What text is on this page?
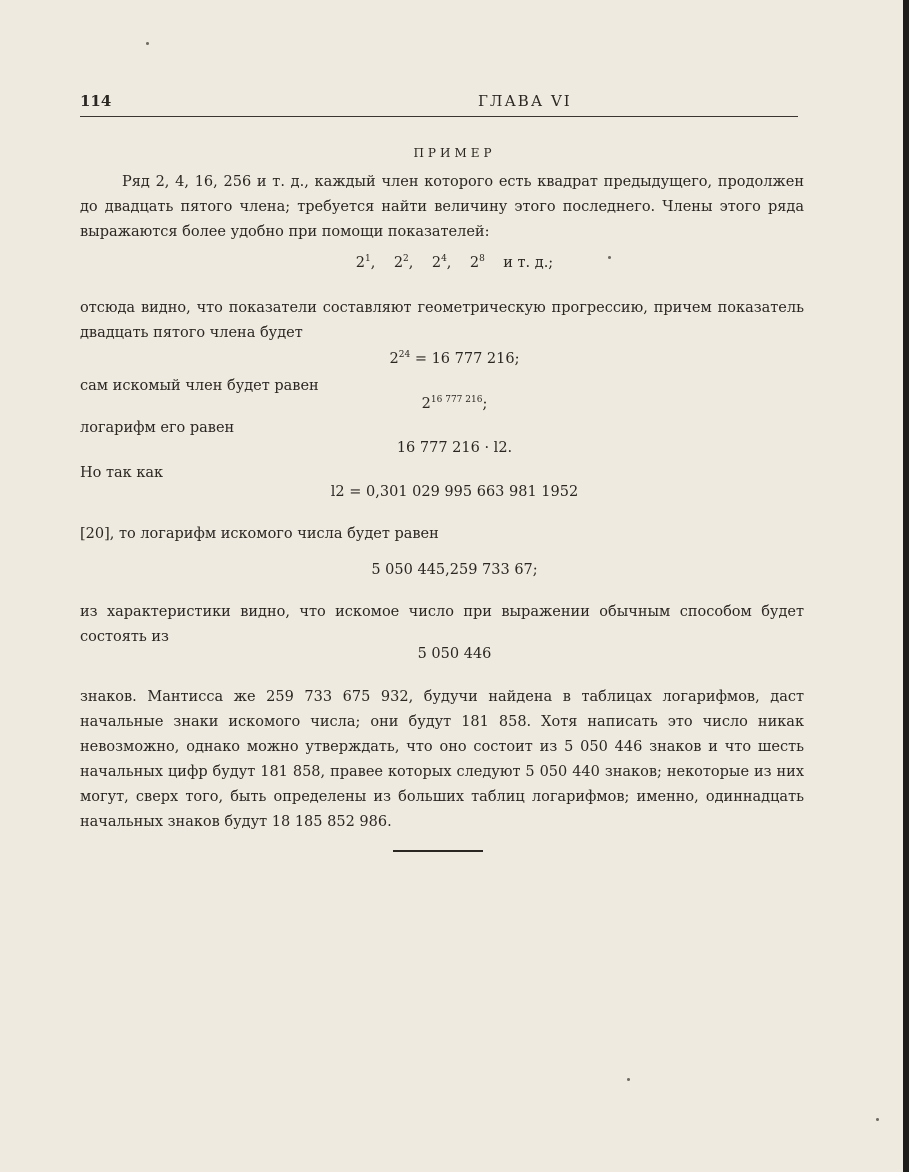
114	ГЛАВА VI
ПРИМЕР

Ряд 2, 4, 16, 256 и т. д., каждый член которого есть квадрат предыдущего, продолжен до двадцать пятого члена; требуется найти величину этого последнего. Члены этого ряда выражаются более удобно при помощи показателей:

$2^1$, $2^2$, $2^4$, $2^8$ и т. д.;

отсюда видно, что показатели составляют геометрическую прогрессию, причем показатель двадцать пятого члена будет

$2^{24} = 16$ 777 216;
сам искомый член будет равен
$2^{16 777 216}$;
логарифм его равен
16 777 216 · l2.
Но так как
l2 = 0,301 029 995 663 981 1952
[20], то логарифм искомого числа будет равен
5 050 445,259 733 67;

из характеристики видно, что искомое число при выражении обычным способом будет состоять из

5 050 446

знаков. Мантисса же 259 733 675 932, будучи найдена в таблицах логарифмов, даст начальные знаки искомого числа; они будут 181 858. Хотя написать это число никак невозможно, однако можно утверждать, что оно состоит из 5 050 446 знаков и что шесть начальных цифр будут 181 858, правее которых следуют 5 050 440 знаков; некоторые из них могут, сверх того, быть определены из больших таблиц логарифмов; именно, одиннадцать начальных знаков будут 18 185 852 986.
